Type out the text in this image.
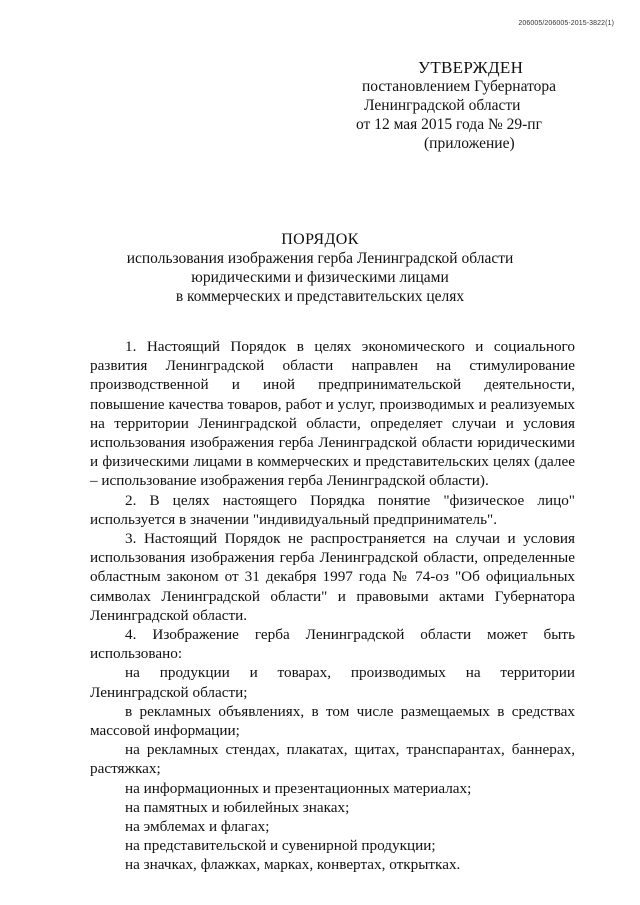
206005/206005-2015-3822(1)
УТВЕРЖДЕН
постановлением Губернатора
Ленинградской области
от 12 мая 2015 года № 29-пг
(приложение)
ПОРЯДОК
использования изображения герба Ленинградской области
юридическими и физическими лицами
в коммерческих и представительских целях

1. Настоящий Порядок в целях экономического и социального развития Ленинградской области направлен на стимулирование производственной и иной предпринимательской деятельности, повышение качества товаров, работ и услуг, производимых и реализуемых на территории Ленинградской области, определяет случаи и условия использования изображения герба Ленинградской области юридическими и физическими лицами в коммерческих и представительских целях (далее – использование изображения герба Ленинградской области).

2. В целях настоящего Порядка понятие "физическое лицо" используется в значении "индивидуальный предприниматель".

3. Настоящий Порядок не распространяется на случаи и условия использования изображения герба Ленинградской области, определенные областным законом от 31 декабря 1997 года № 74-оз "Об официальных символах Ленинградской области" и правовыми актами Губернатора Ленинградской области.

4. Изображение герба Ленинградской области может быть использовано:

на продукции и товарах, производимых на территории Ленинградской области;

в рекламных объявлениях, в том числе размещаемых в средствах массовой информации;

на рекламных стендах, плакатах, щитах, транспарантах, баннерах, растяжках;

на информационных и презентационных материалах;

на памятных и юбилейных знаках;

на эмблемах и флагах;

на представительской и сувенирной продукции;

на значках, флажках, марках, конвертах, открытках.
